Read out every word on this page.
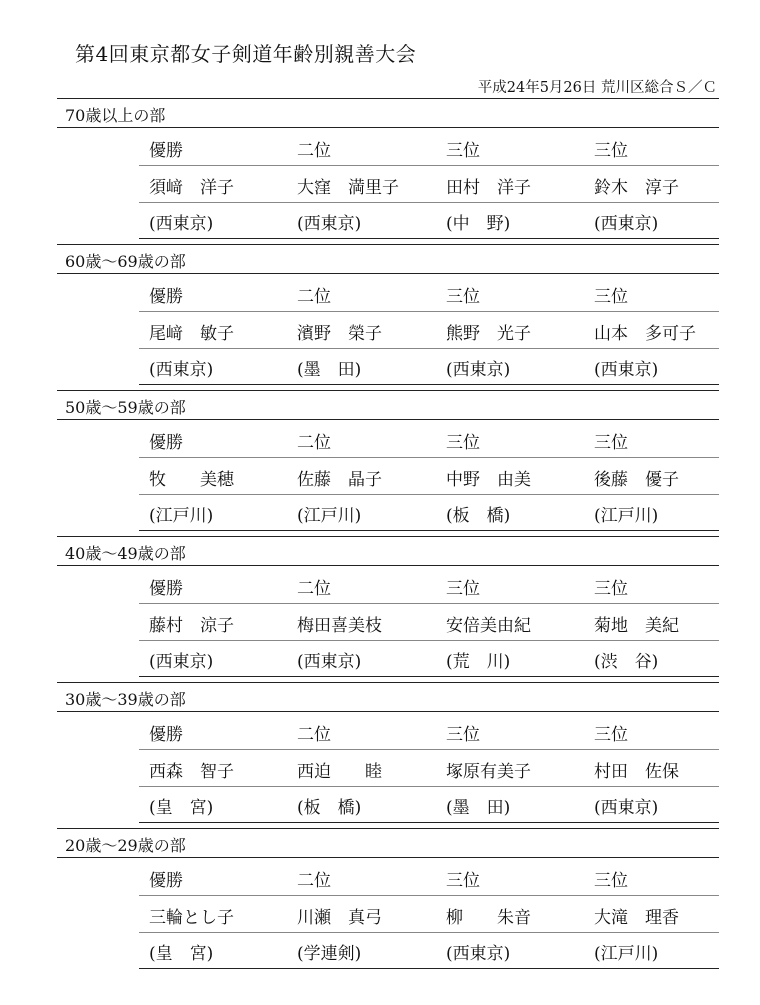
第4回東京都女子剣道年齢別親善大会
平成24年5月26日 荒川区総合Ｓ／Ｃ
70歳以上の部
優勝	二位	三位	三位
須﨑　洋子	大窪　満里子	田村　洋子	鈴木　淳子
(西東京)	(西東京)	(中　野)	(西東京)
60歳～69歳の部
優勝	二位	三位	三位
尾﨑　敏子	濱野　榮子	熊野　光子	山本　多可子
(西東京)	(墨　田)	(西東京)	(西東京)
50歳～59歳の部
優勝	二位	三位	三位
牧　　美穂	佐藤　晶子	中野　由美	後藤　優子
(江戸川)	(江戸川)	(板　橋)	(江戸川)
40歳～49歳の部
優勝	二位	三位	三位
藤村　涼子	梅田喜美枝	安倍美由紀	菊地　美紀
(西東京)	(西東京)	(荒　川)	(渋　谷)
30歳～39歳の部
優勝	二位	三位	三位
西森　智子	西迫　　睦	塚原有美子	村田　佐保
(皇　宮)	(板　橋)	(墨　田)	(西東京)
20歳～29歳の部
優勝	二位	三位	三位
三輪とし子	川瀬　真弓	柳　　朱音	大滝　理香
(皇　宮)	(学連剣)	(西東京)	(江戸川)
